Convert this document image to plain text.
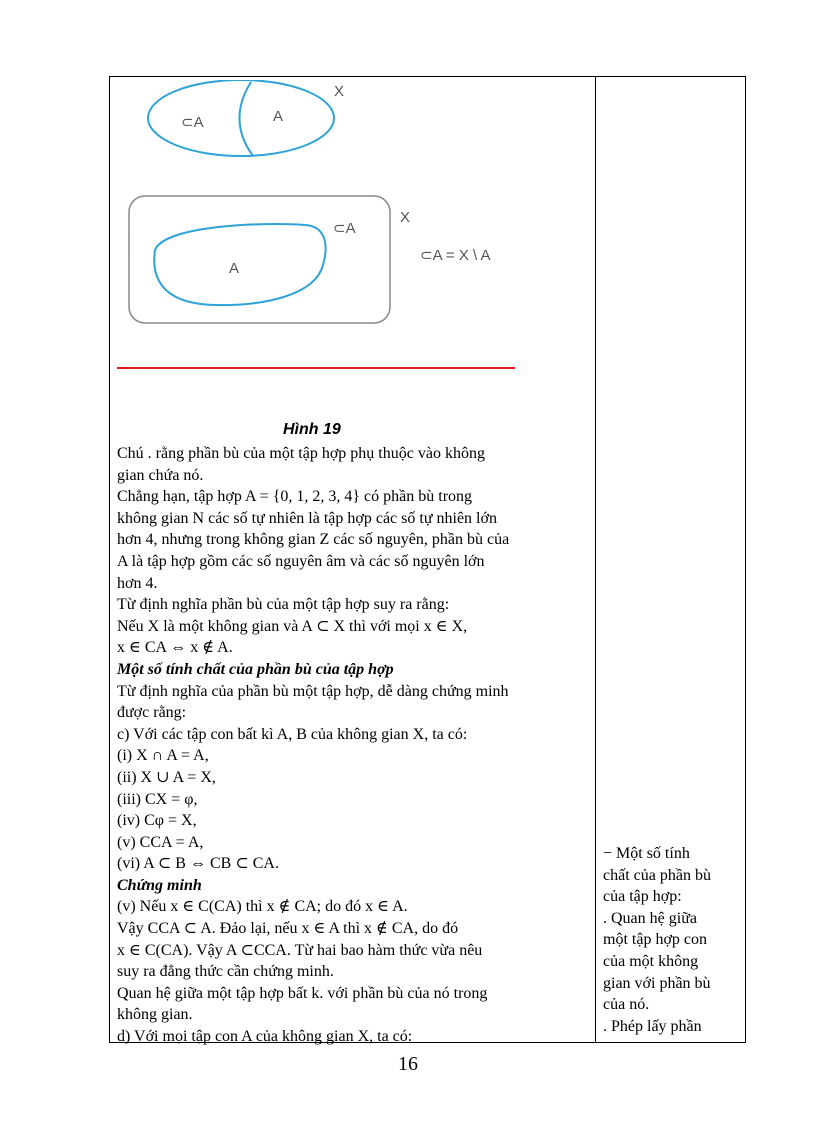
⊂A	A
X
⊂A
A
X
⊂A = X \ A
Hình 19

Chú . rằng phần bù của một tập hợp phụ thuộc vào không

gian chứa nó.

Chẳng hạn, tập hợp A = {0, 1, 2, 3, 4} có phần bù trong

không gian N các số tự nhiên là tập hợp các số tự nhiên lớn

hơn 4, nhưng trong không gian Z các số nguyên, phần bù của

A là tập hợp gồm các số nguyên âm và các số nguyên lớn

hơn 4.

Từ định nghĩa phần bù của một tập hợp suy ra rằng:

Nếu X là một không gian và A ⊂ X thì với mọi x ∈ X,

x ∈ CA ⇔ x ∉ A.

Một số tính chất của phần bù của tập hợp

Từ định nghĩa của phần bù một tập hợp, dễ dàng chứng minh

được rằng:

c) Với các tập con bất kì A, B của không gian X, ta có:

(i) X ∩ A = A,

(ii) X ∪ A = X,

(iii) CX = φ,

(iv) Cφ = X,

(v) CCA = A,

(vi) A ⊂ B ⇔ CB ⊂ CA.

Chứng minh

(v) Nếu x ∈ C(CA) thì x ∉ CA; do đó x ∈ A.

Vậy CCA ⊂ A. Đảo lại, nếu x ∈ A thì x ∉ CA, do đó

x ∈ C(CA). Vậy A ⊂CCA. Từ hai bao hàm thức vừa nêu

suy ra đẳng thức cần chứng minh.

Quan hệ giữa một tập hợp bất k. với phần bù của nó trong

không gian.

d) Với mọi tập con A của không gian X, ta có:

− Một số tính

chất của phần bù

của tập hợp:

. Quan hệ giữa

một tập hợp con

của một không

gian với phần bù

của nó.

. Phép lấy phần

16
